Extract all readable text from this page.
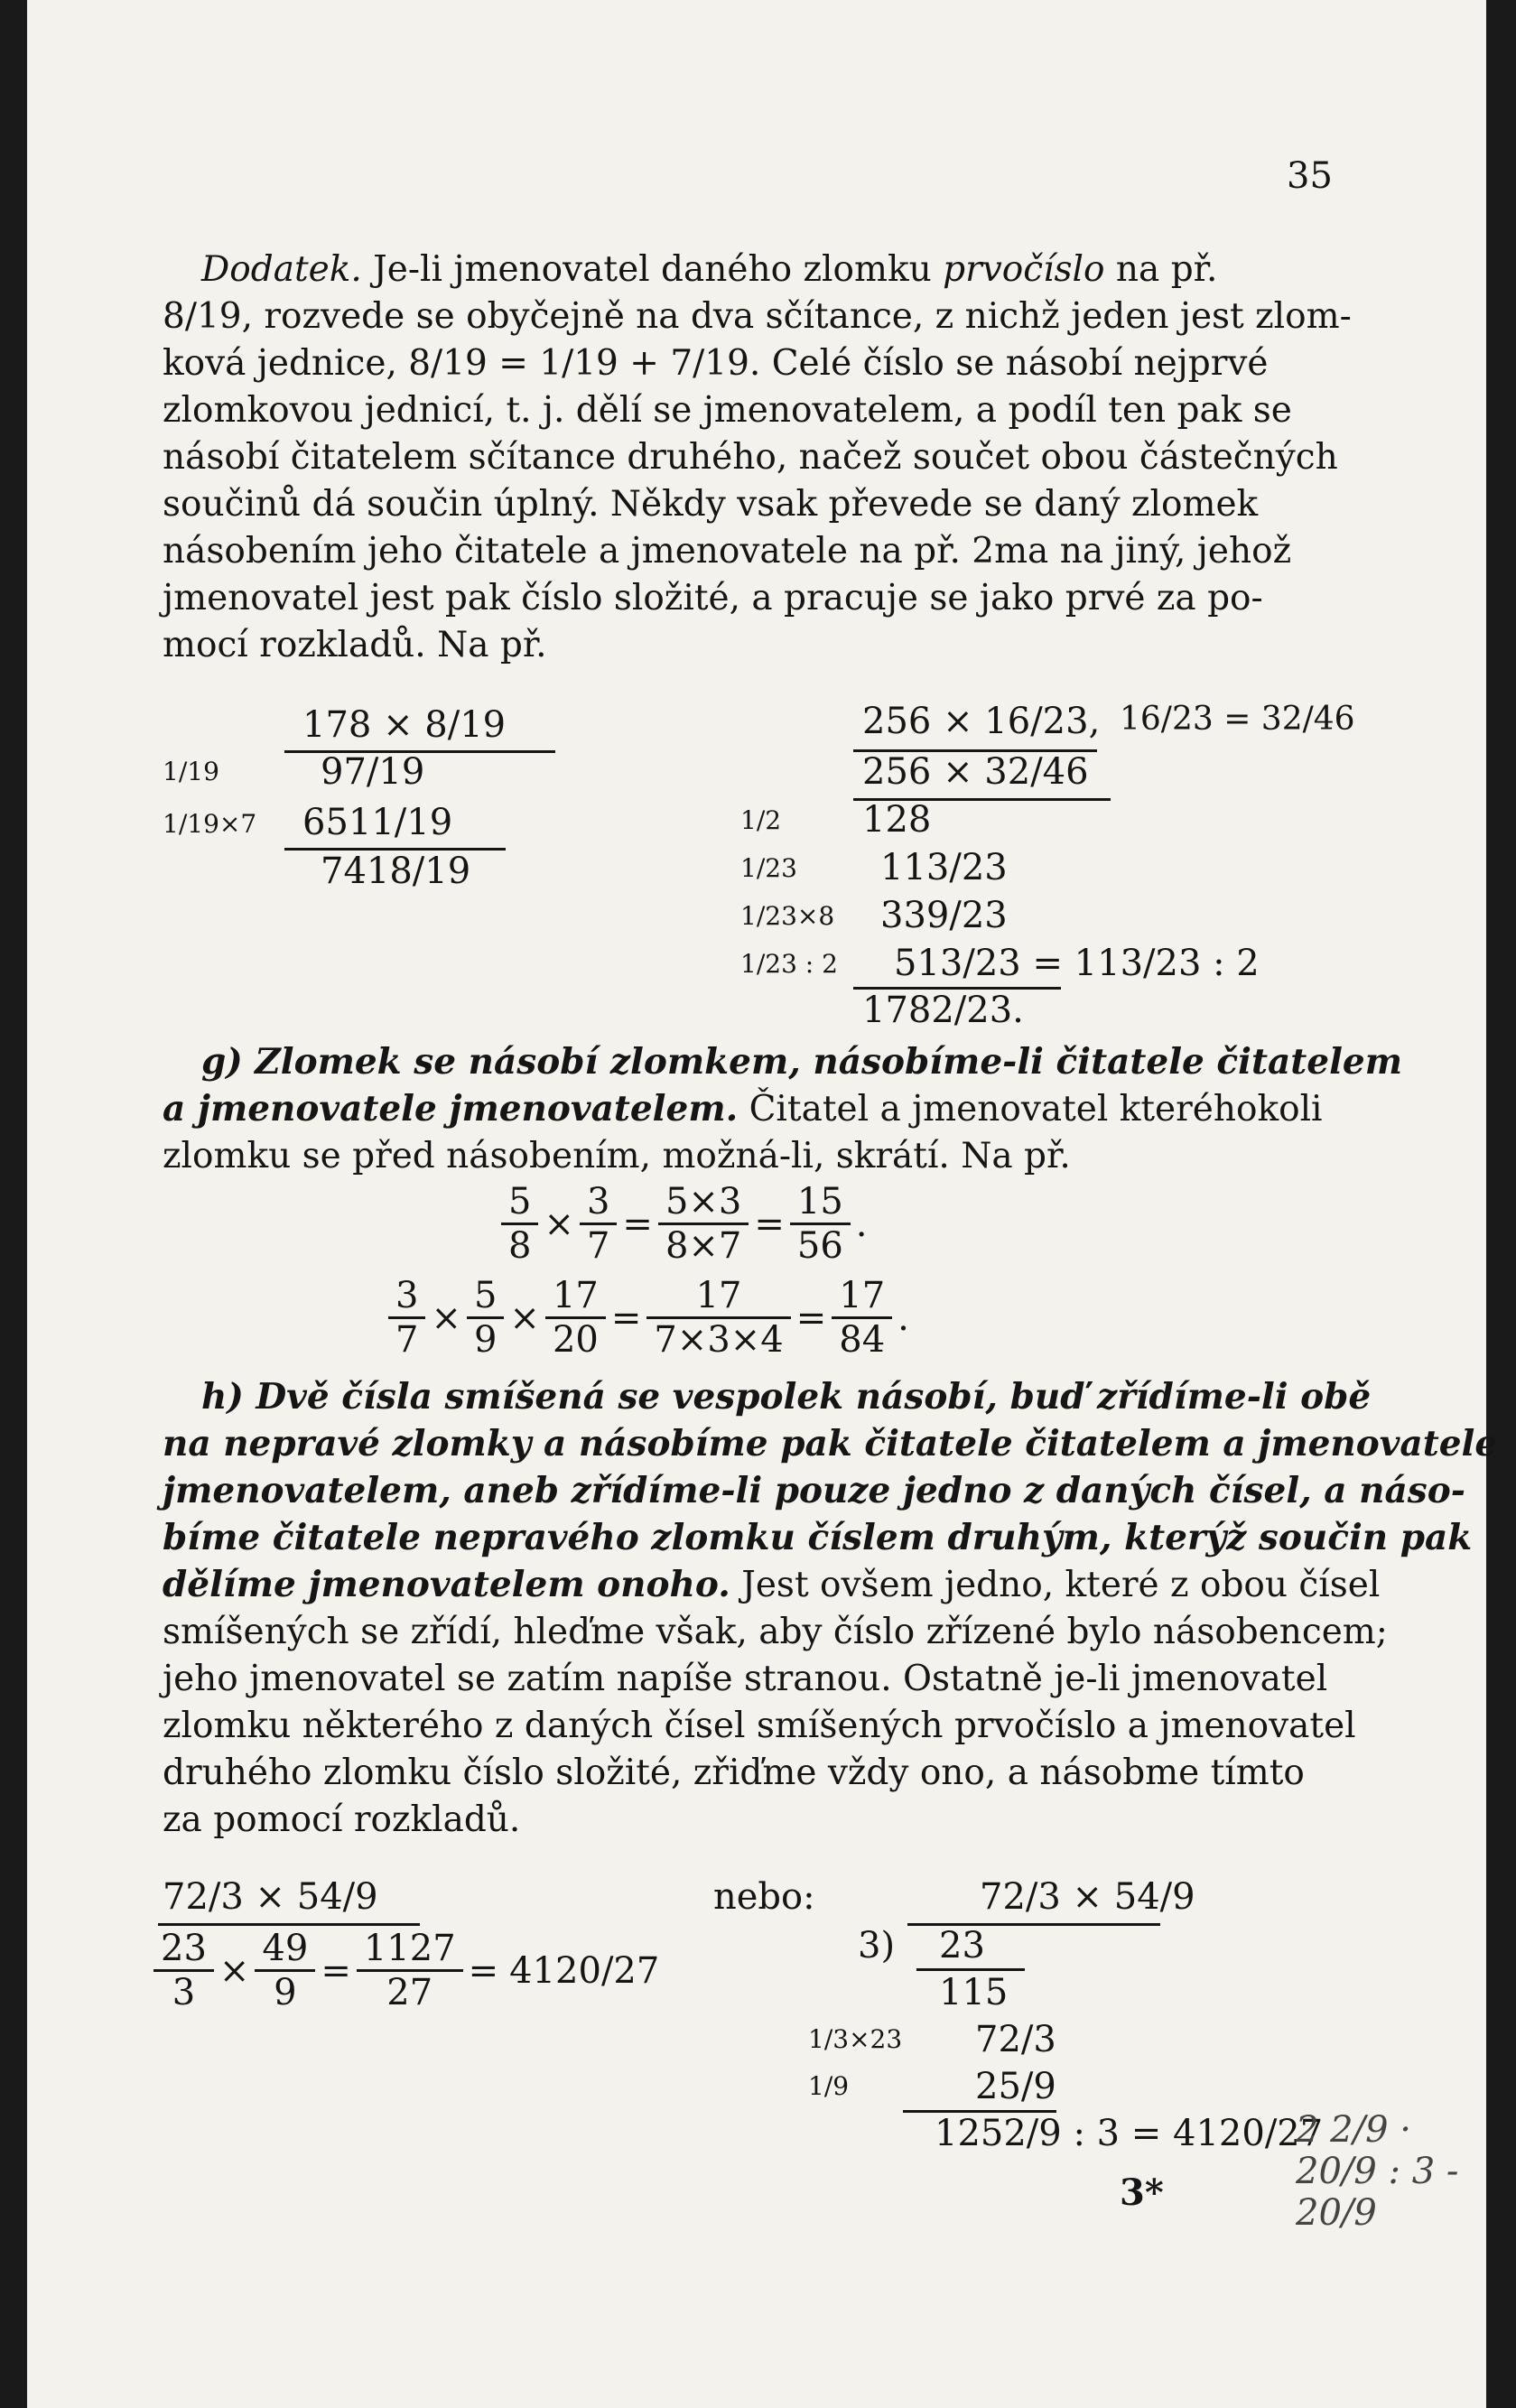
35
Dodatek. Je-li jmenovatel daného zlomku prvočíslo na př.
8/19, rozvede se obyčejně na dva sčítance, z nichž jeden jest zlom-
ková jednice, 8/19 = 1/19 + 7/19. Celé číslo se násobí nejprvé
zlomkovou jednicí, t. j. dělí se jmenovatelem, a podíl ten pak se
násobí čitatelem sčítance druhého, načež součet obou částečných
součinů dá součin úplný. Někdy vsak převede se daný zlomek
násobením jeho čitatele a jmenovatele na př. 2ma na jiný, jehož
jmenovatel jest pak číslo složité, a pracuje se jako prvé za po-
mocí rozkladů. Na př.
178 × 8/19
1/19	97/19
1/19×7 6511/19
7418/19
256 × 16/23, 16/23 = 32/46
256 × 32/46
1/2 128
1/23 113/23
1/23×8 339/23
1/23 : 2 513/23 = 113/23 : 2
1782/23.
g) Zlomek se násobí zlomkem, násobíme-li čitatele čitatelem
a jmenovatele jmenovatelem. Čitatel a jmenovatel kteréhokoli
zlomku se před násobením, možná-li, skrátí. Na př.
$\frac{5}{8} \times \frac{3}{7} = \frac{5\times 3}{8\times 7} = \frac{15}{56}$ .
$\frac{3}{7} \times \frac{5}{9} \times \frac{17}{20} = \frac{17}{7\times 3\times 4} = \frac{17}{84}$ .
h) Dvě čísla smíšená se vespolek násobí, buď zřídíme-li obě
na nepravé zlomky a násobíme pak čitatele čitatelem a jmenovatele
jmenovatelem, aneb zřídíme-li pouze jedno z daných čísel, a náso-
bíme čitatele nepravého zlomku číslem druhým, kterýž součin pak
dělíme jmenovatelem onoho. Jest ovšem jedno, které z obou čísel
smíšených se zřídí, hleďme však, aby číslo zřízené bylo násobencem;
jeho jmenovatel se zatím napíše stranou. Ostatně je-li jmenovatel
zlomku některého z daných čísel smíšených prvočíslo a jmenovatel
druhého zlomku číslo složité, zřiďme vždy ono, a násobme tímto
za pomocí rozkladů.
72/3 × 54/9
$\frac{23}{3} \times \frac{49}{9} = \frac{1127}{27} = 4120/27$
nebo:	72/3 × 54/9
3) 23
115
1/3×23 72/3
1/9	25/9
1252/9 : 3 = 4120/27
2 2/9 · 20/9 : 3 - 20/9
3*
